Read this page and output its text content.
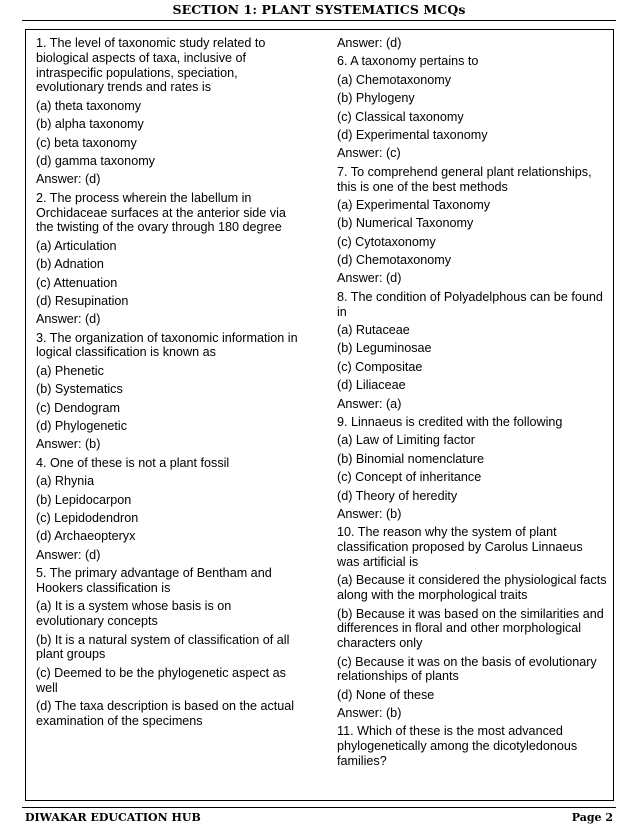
SECTION 1: PLANT SYSTEMATICS MCQs
1. The level of taxonomic study related to biological aspects of taxa, inclusive of intraspecific populations, speciation, evolutionary trends and rates is
(a) theta taxonomy
(b) alpha taxonomy
(c) beta taxonomy
(d) gamma taxonomy
Answer: (d)
2. The process wherein the labellum in Orchidaceae surfaces at the anterior side via the twisting of the ovary through 180 degree
(a) Articulation
(b) Adnation
(c) Attenuation
(d) Resupination
Answer: (d)
3. The organization of taxonomic information in logical classification is known as
(a) Phenetic
(b) Systematics
(c) Dendogram
(d) Phylogenetic
Answer: (b)
4. One of these is not a plant fossil
(a) Rhynia
(b) Lepidocarpon
(c) Lepidodendron
(d) Archaeopteryx
Answer: (d)
5. The primary advantage of Bentham and Hookers classification is
(a) It is a system whose basis is on evolutionary concepts
(b) It is a natural system of classification of all plant groups
(c) Deemed to be the phylogenetic aspect as well
(d) The taxa description is based on the actual examination of the specimens
Answer: (d)
6. A taxonomy pertains to
(a) Chemotaxonomy
(b) Phylogeny
(c) Classical taxonomy
(d) Experimental taxonomy
Answer: (c)
7. To comprehend general plant relationships, this is one of the best methods
(a) Experimental Taxonomy
(b) Numerical Taxonomy
(c) Cytotaxonomy
(d) Chemotaxonomy
Answer: (d)
8. The condition of Polyadelphous can be found in
(a) Rutaceae
(b) Leguminosae
(c) Compositae
(d) Liliaceae
Answer: (a)
9. Linnaeus is credited with the following
(a) Law of Limiting factor
(b) Binomial nomenclature
(c) Concept of inheritance
(d) Theory of heredity
Answer: (b)
10. The reason why the system of plant classification proposed by Carolus Linnaeus was artificial is
(a) Because it considered the physiological facts along with the morphological traits
(b) Because it was based on the similarities and differences in floral and other morphological characters only
(c) Because it was on the basis of evolutionary relationships of plants
(d) None of these
Answer: (b)
11. Which of these is the most advanced phylogenetically among the dicotyledonous families?
DIWAKAR EDUCATION HUB	Page 2
